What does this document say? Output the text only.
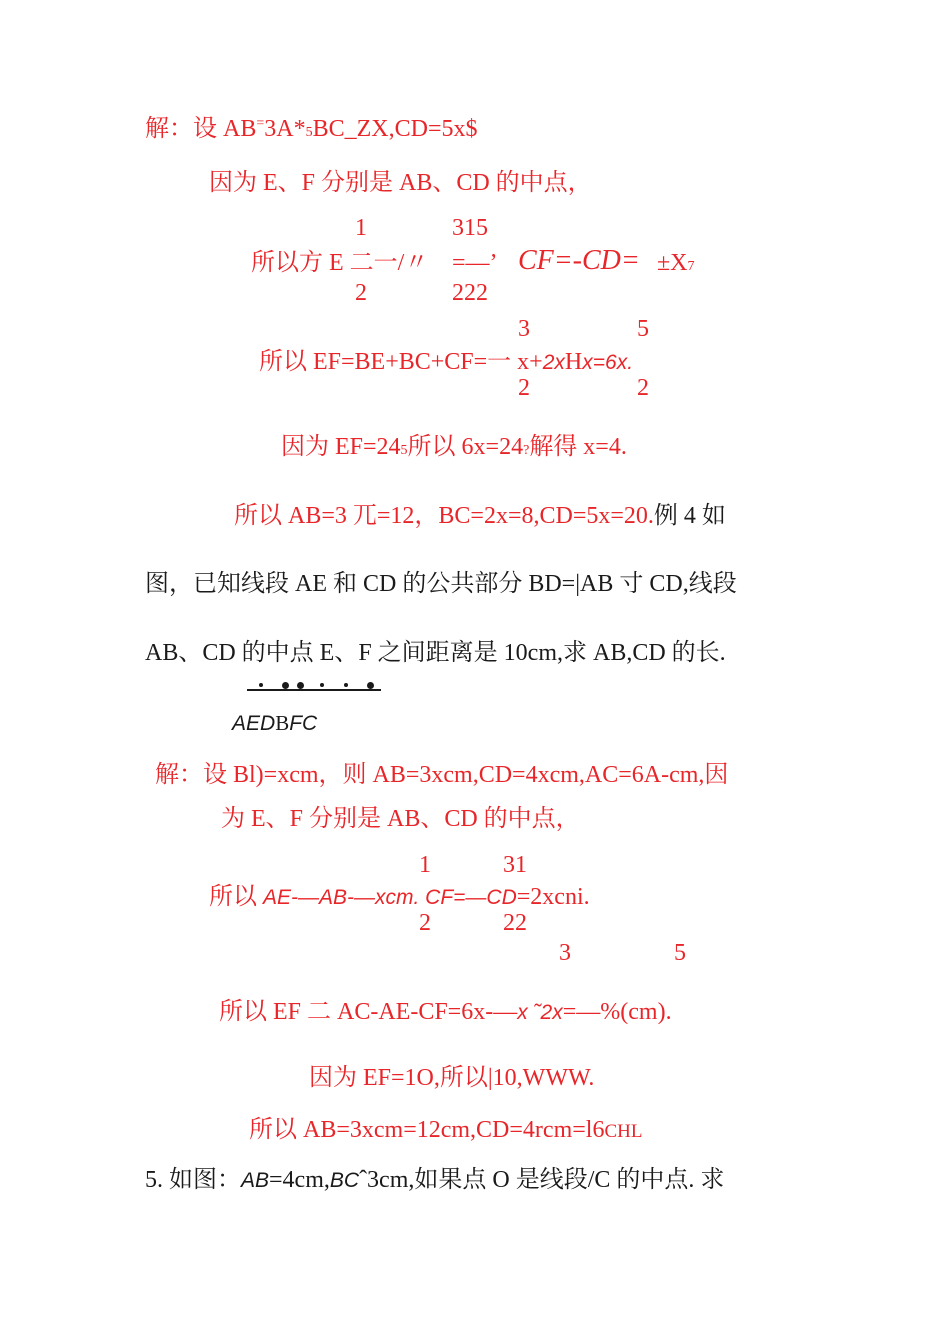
解：设 AB=3A*5BC_ZX,CD=5x$
因为 E、F 分别是 AB、CD 的中点，
1
2
315
222
所以方 E 二一/〃 =—’ CF=-CD= ±X7
3
2
5
2
所以 EF=BE+BC+CF=一 x+2xHx=6x.
因为 EF=245所以 6x=24?解得 x=4.
所以 AB=3 兀=12，BC=2x=8,CD=5x=20.例 4 如
图，已知线段 AE 和 CD 的公共部分 BD=|AB 寸 CD,线段
AB、CD 的中点 E、F 之间距离是 10cm,求 AB,CD 的长.
AEDBFC
解：设 Bl)=xcm，则 AB=3xcm,CD=4xcm,AC=6A-cm,因
为 E、F 分别是 AB、CD 的中点，
1
2
31
22
所以 AE-—AB-—xcm. CF=—CD=2xcni.
3	5
所以 EF 二 AC-AE-CF=6x-—x ˜2x=—%(cm).
因为 EF=1O,所以|10,WWW.
所以 AB=3xcm=12cm,CD=4rcm=l6CHL
5. 如图：AB=4cm,BCˆ3cm,如果点 O 是线段/C 的中点. 求
